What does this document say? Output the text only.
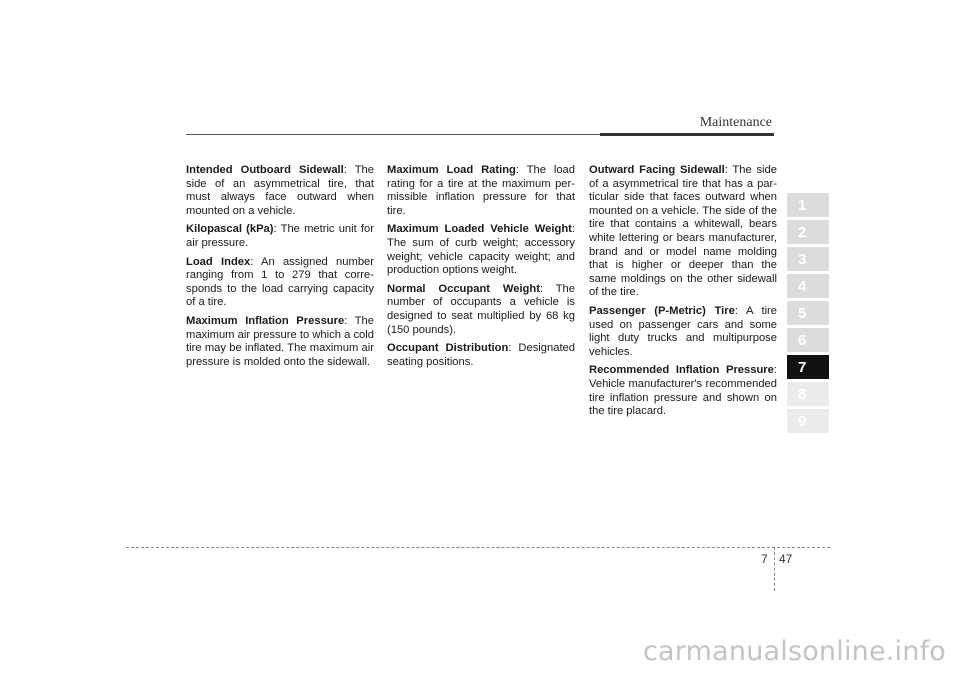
Maintenance

Intended Outboard Sidewall: The side of an asymmetrical tire, that must always face outward when mounted on a vehicle.

Kilopascal (kPa): The metric unit for air pressure.

Load Index: An assigned number ranging from 1 to 279 that corresponds to the load carrying capacity of a tire.

Maximum Inflation Pressure: The maximum air pressure to which a cold tire may be inflated. The maximum air pressure is molded onto the sidewall.

Maximum Load Rating: The load rating for a tire at the maximum permissible inflation pressure for that tire.

Maximum Loaded Vehicle Weight: The sum of curb weight; accessory weight; vehicle capacity weight; and production options weight.

Normal Occupant Weight: The number of occupants a vehicle is designed to seat multiplied by 68 kg (150 pounds).

Occupant Distribution: Designated seating positions.

Outward Facing Sidewall: The side of a asymmetrical tire that has a particular side that faces outward when mounted on a vehicle. The side of the tire that contains a whitewall, bears white lettering or bears manufacturer, brand and or model name molding that is higher or deeper than the same moldings on the other sidewall of the tire.

Passenger (P-Metric) Tire: A tire used on passenger cars and some light duty trucks and multipurpose vehicles.

Recommended Inflation Pressure: Vehicle manufacturer's recommended tire inflation pressure and shown on the tire placard.

1
2
3
4
5
6
7
8
9
7 47
carmanualsonline.info
